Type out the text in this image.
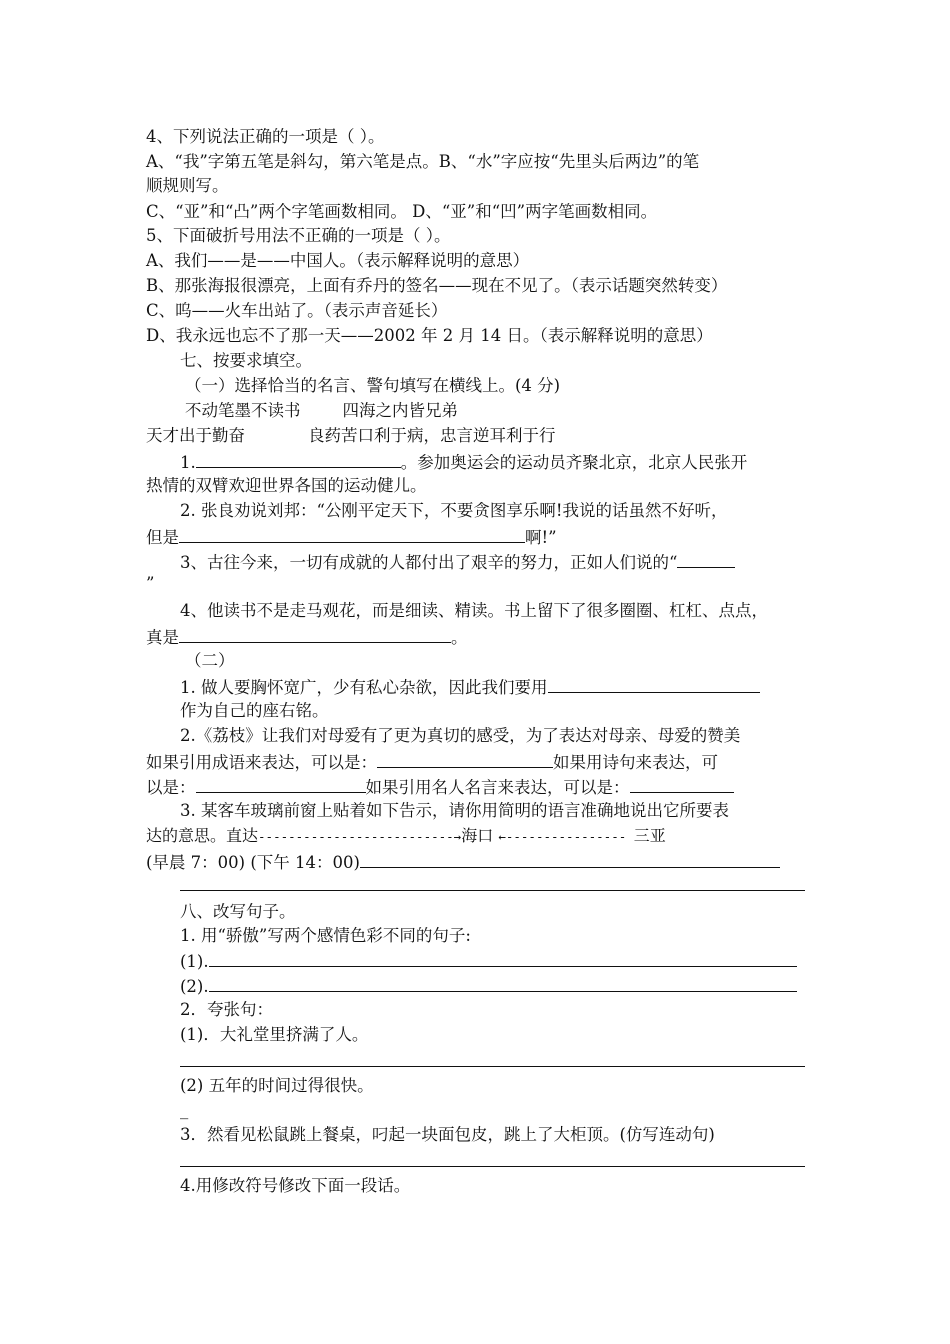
4、下列说法正确的一项是（ ）。
A、“我”字第五笔是斜勾，第六笔是点。B、“水”字应按“先里头后两边”的笔
顺规则写。
C、“亚”和“凸”两个字笔画数相同。 D、“亚”和“凹”两字笔画数相同。
5、下面破折号用法不正确的一项是（ ）。
A、我们——是——中国人。（表示解释说明的意思）
B、那张海报很漂亮，上面有乔丹的签名——现在不见了。（表示话题突然转变）
C、呜——火车出站了。（表示声音延长）
D、我永远也忘不了那一天——2002 年 2 月 14 日。（表示解释说明的意思）
七、按要求填空。
（一）选择恰当的名言、警句填写在横线上。(4 分)
不动笔墨不读书        四海之内皆兄弟
天才出于勤奋            良药苦口利于病，忠言逆耳利于行
1.	。参加奥运会的运动员齐聚北京，北京人民张开
热情的双臂欢迎世界各国的运动健儿。
2. 张良劝说刘邦：“公刚平定天下，不要贪图享乐啊!我说的话虽然不好听，
但是	啊!”
3、古往今来，一切有成就的人都付出了艰辛的努力，正如人们说的“
”
4、他读书不是走马观花，而是细读、精读。书上留下了很多圈圈、杠杠、点点，
真是	。
（二）
1. 做人要胸怀宽广，少有私心杂欲，因此我们要用
作为自己的座右铭。
2.《荔枝》让我们对母爱有了更为真切的感受，为了表达对母亲、母爱的赞美
如果引用成语来表达，可以是：	如果用诗句来表达，可
以是：	如果引用名人名言来表达，可以是：
3. 某客车玻璃前窗上贴着如下告示，请你用简明的语言准确地说出它所要表
达的意思。直达--------------------------→海口 ←---------------- 三亚
(早晨 7：00) (下午 14：00)
八、改写句子。
1. 用“骄傲”写两个感情色彩不同的句子:
(1).
(2).
2．夸张句：
(1)．大礼堂里挤满了人。
(2) 五年的时间过得很快。
_
3．然看见松鼠跳上餐桌，叼起一块面包皮，跳上了大柜顶。(仿写连动句)
4.用修改符号修改下面一段话。
